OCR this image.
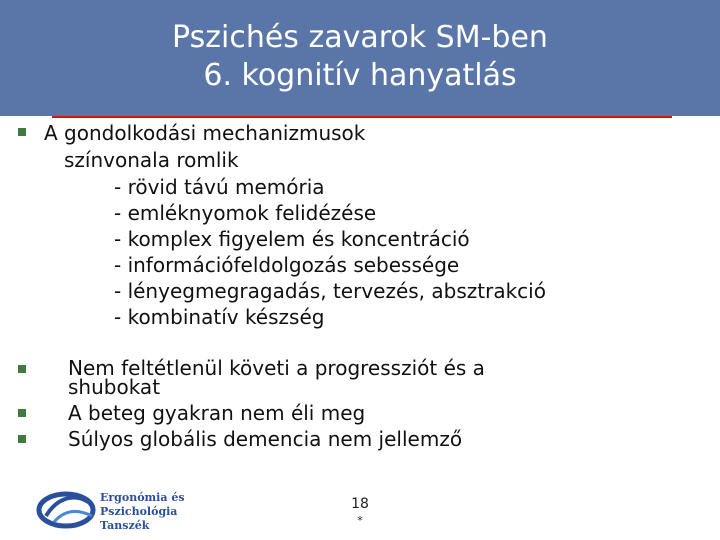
Pszichés zavarok SM-ben
6. kognitív hanyatlás
A gondolkodási mechanizmusok
színvonala romlik
- rövid távú memória
- emléknyomok felidézése
- komplex figyelem és koncentráció
- információfeldolgozás sebessége
- lényegmegragadás, tervezés, absztrakció
- kombinatív készség
Nem feltétlenül követi a progressziót és a
shubokat
A beteg gyakran nem éli meg
Súlyos globális demencia nem jellemző
Ergonómia és
Pszichológia
Tanszék
18
*
